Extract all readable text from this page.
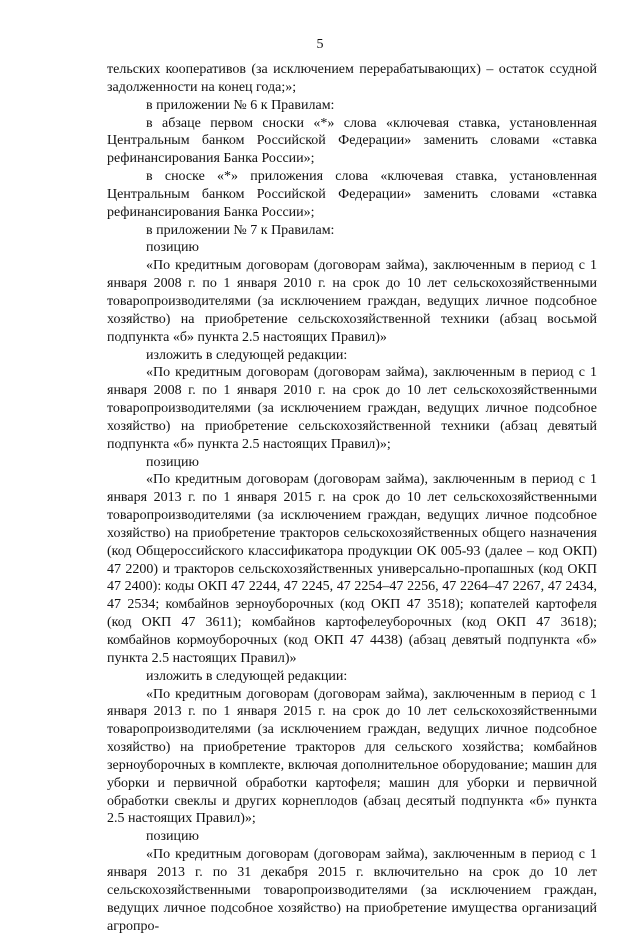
5

тельских кооперативов (за исключением перерабатывающих) – остаток ссудной задолженности на конец года;»;

в приложении № 6 к Правилам:

в абзаце первом сноски «*» слова «ключевая ставка, установленная Центральным банком Российской Федерации» заменить словами «ставка рефинансирования Банка России»;

в сноске «*» приложения слова «ключевая ставка, установленная Центральным банком Российской Федерации» заменить словами «ставка рефинансирования Банка России»;

в приложении № 7 к Правилам:

позицию

«По кредитным договорам (договорам займа), заключенным в период с 1 января 2008 г. по 1 января 2010 г. на срок до 10 лет сельскохозяйственными товаропроизводителями (за исключением граждан, ведущих личное подсобное хозяйство) на приобретение сельскохозяйственной техники (абзац восьмой подпункта «б» пункта 2.5 настоящих Правил)»

изложить в следующей редакции:

«По кредитным договорам (договорам займа), заключенным в период с 1 января 2008 г. по 1 января 2010 г. на срок до 10 лет сельскохозяйственными товаропроизводителями (за исключением граждан, ведущих личное подсобное хозяйство) на приобретение сельскохозяйственной техники (абзац девятый подпункта «б» пункта 2.5 настоящих Правил)»;

позицию

«По кредитным договорам (договорам займа), заключенным в период с 1 января 2013 г. по 1 января 2015 г. на срок до 10 лет сельскохозяйственными товаропроизводителями (за исключением граждан, ведущих личное подсобное хозяйство) на приобретение тракторов сельскохозяйственных общего назначения (код Общероссийского классификатора продукции ОК 005-93 (далее – код ОКП) 47 2200) и тракторов сельскохозяйственных универсально-пропашных (код ОКП 47 2400): коды ОКП 47 2244, 47 2245, 47 2254–47 2256, 47 2264–47 2267, 47 2434, 47 2534; комбайнов зерноуборочных (код ОКП 47 3518); копателей картофеля (код ОКП 47 3611); комбайнов картофелеуборочных (код ОКП 47 3618); комбайнов кормоуборочных (код ОКП 47 4438) (абзац девятый подпункта «б» пункта 2.5 настоящих Правил)»

изложить в следующей редакции:

«По кредитным договорам (договорам займа), заключенным в период с 1 января 2013 г. по 1 января 2015 г. на срок до 10 лет сельскохозяйственными товаропроизводителями (за исключением граждан, ведущих личное подсобное хозяйство) на приобретение тракторов для сельского хозяйства; комбайнов зерноуборочных в комплекте, включая дополнительное оборудование; машин для уборки и первичной обработки картофеля; машин для уборки и первичной обработки свеклы и других корнеплодов (абзац десятый подпункта «б» пункта 2.5 настоящих Правил)»;

позицию

«По кредитным договорам (договорам займа), заключенным в период с 1 января 2013 г. по 31 декабря 2015 г. включительно на срок до 10 лет сельскохозяйственными товаропроизводителями (за исключением граждан, ведущих личное подсобное хозяйство) на приобретение имущества организаций агропро-
